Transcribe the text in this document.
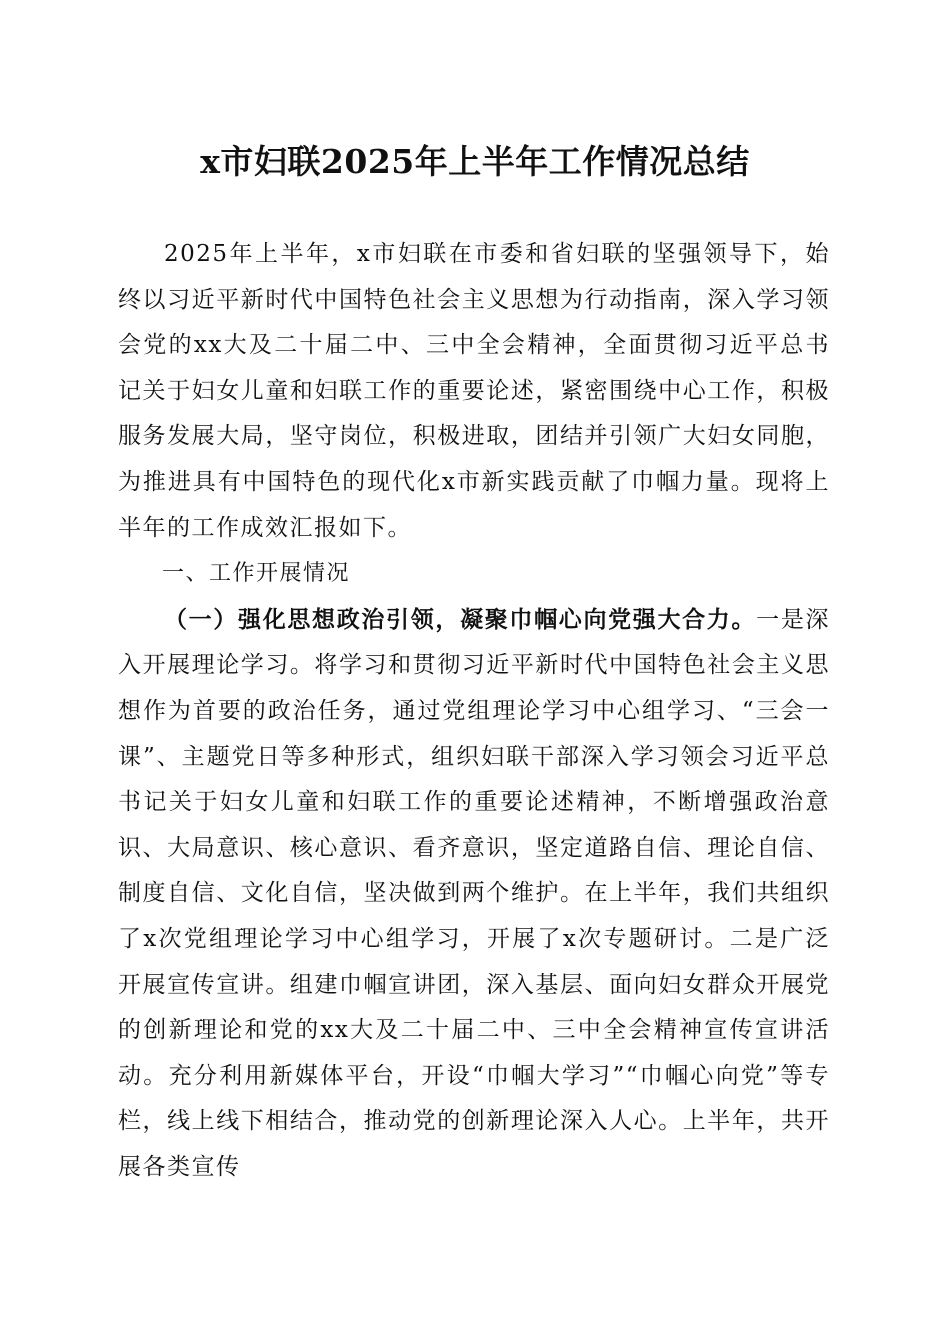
x市妇联2025年上半年工作情况总结

2025年上半年，x市妇联在市委和省妇联的坚强领导下，始终以习近平新时代中国特色社会主义思想为行动指南，深入学习领会党的xx大及二十届二中、三中全会精神，全面贯彻习近平总书记关于妇女儿童和妇联工作的重要论述，紧密围绕中心工作，积极服务发展大局，坚守岗位，积极进取，团结并引领广大妇女同胞，为推进具有中国特色的现代化x市新实践贡献了巾帼力量。现将上半年的工作成效汇报如下。

一、工作开展情况

（一）强化思想政治引领，凝聚巾帼心向党强大合力。一是深入开展理论学习。将学习和贯彻习近平新时代中国特色社会主义思想作为首要的政治任务，通过党组理论学习中心组学习、“三会一课”、主题党日等多种形式，组织妇联干部深入学习领会习近平总书记关于妇女儿童和妇联工作的重要论述精神，不断增强政治意识、大局意识、核心意识、看齐意识，坚定道路自信、理论自信、制度自信、文化自信，坚决做到两个维护。在上半年，我们共组织了x次党组理论学习中心组学习，开展了x次专题研讨。二是广泛开展宣传宣讲。组建巾帼宣讲团，深入基层、面向妇女群众开展党的创新理论和党的xx大及二十届二中、三中全会精神宣传宣讲活动。充分利用新媒体平台，开设“巾帼大学习”“巾帼心向党”等专栏，线上线下相结合，推动党的创新理论深入人心。上半年，共开展各类宣传
